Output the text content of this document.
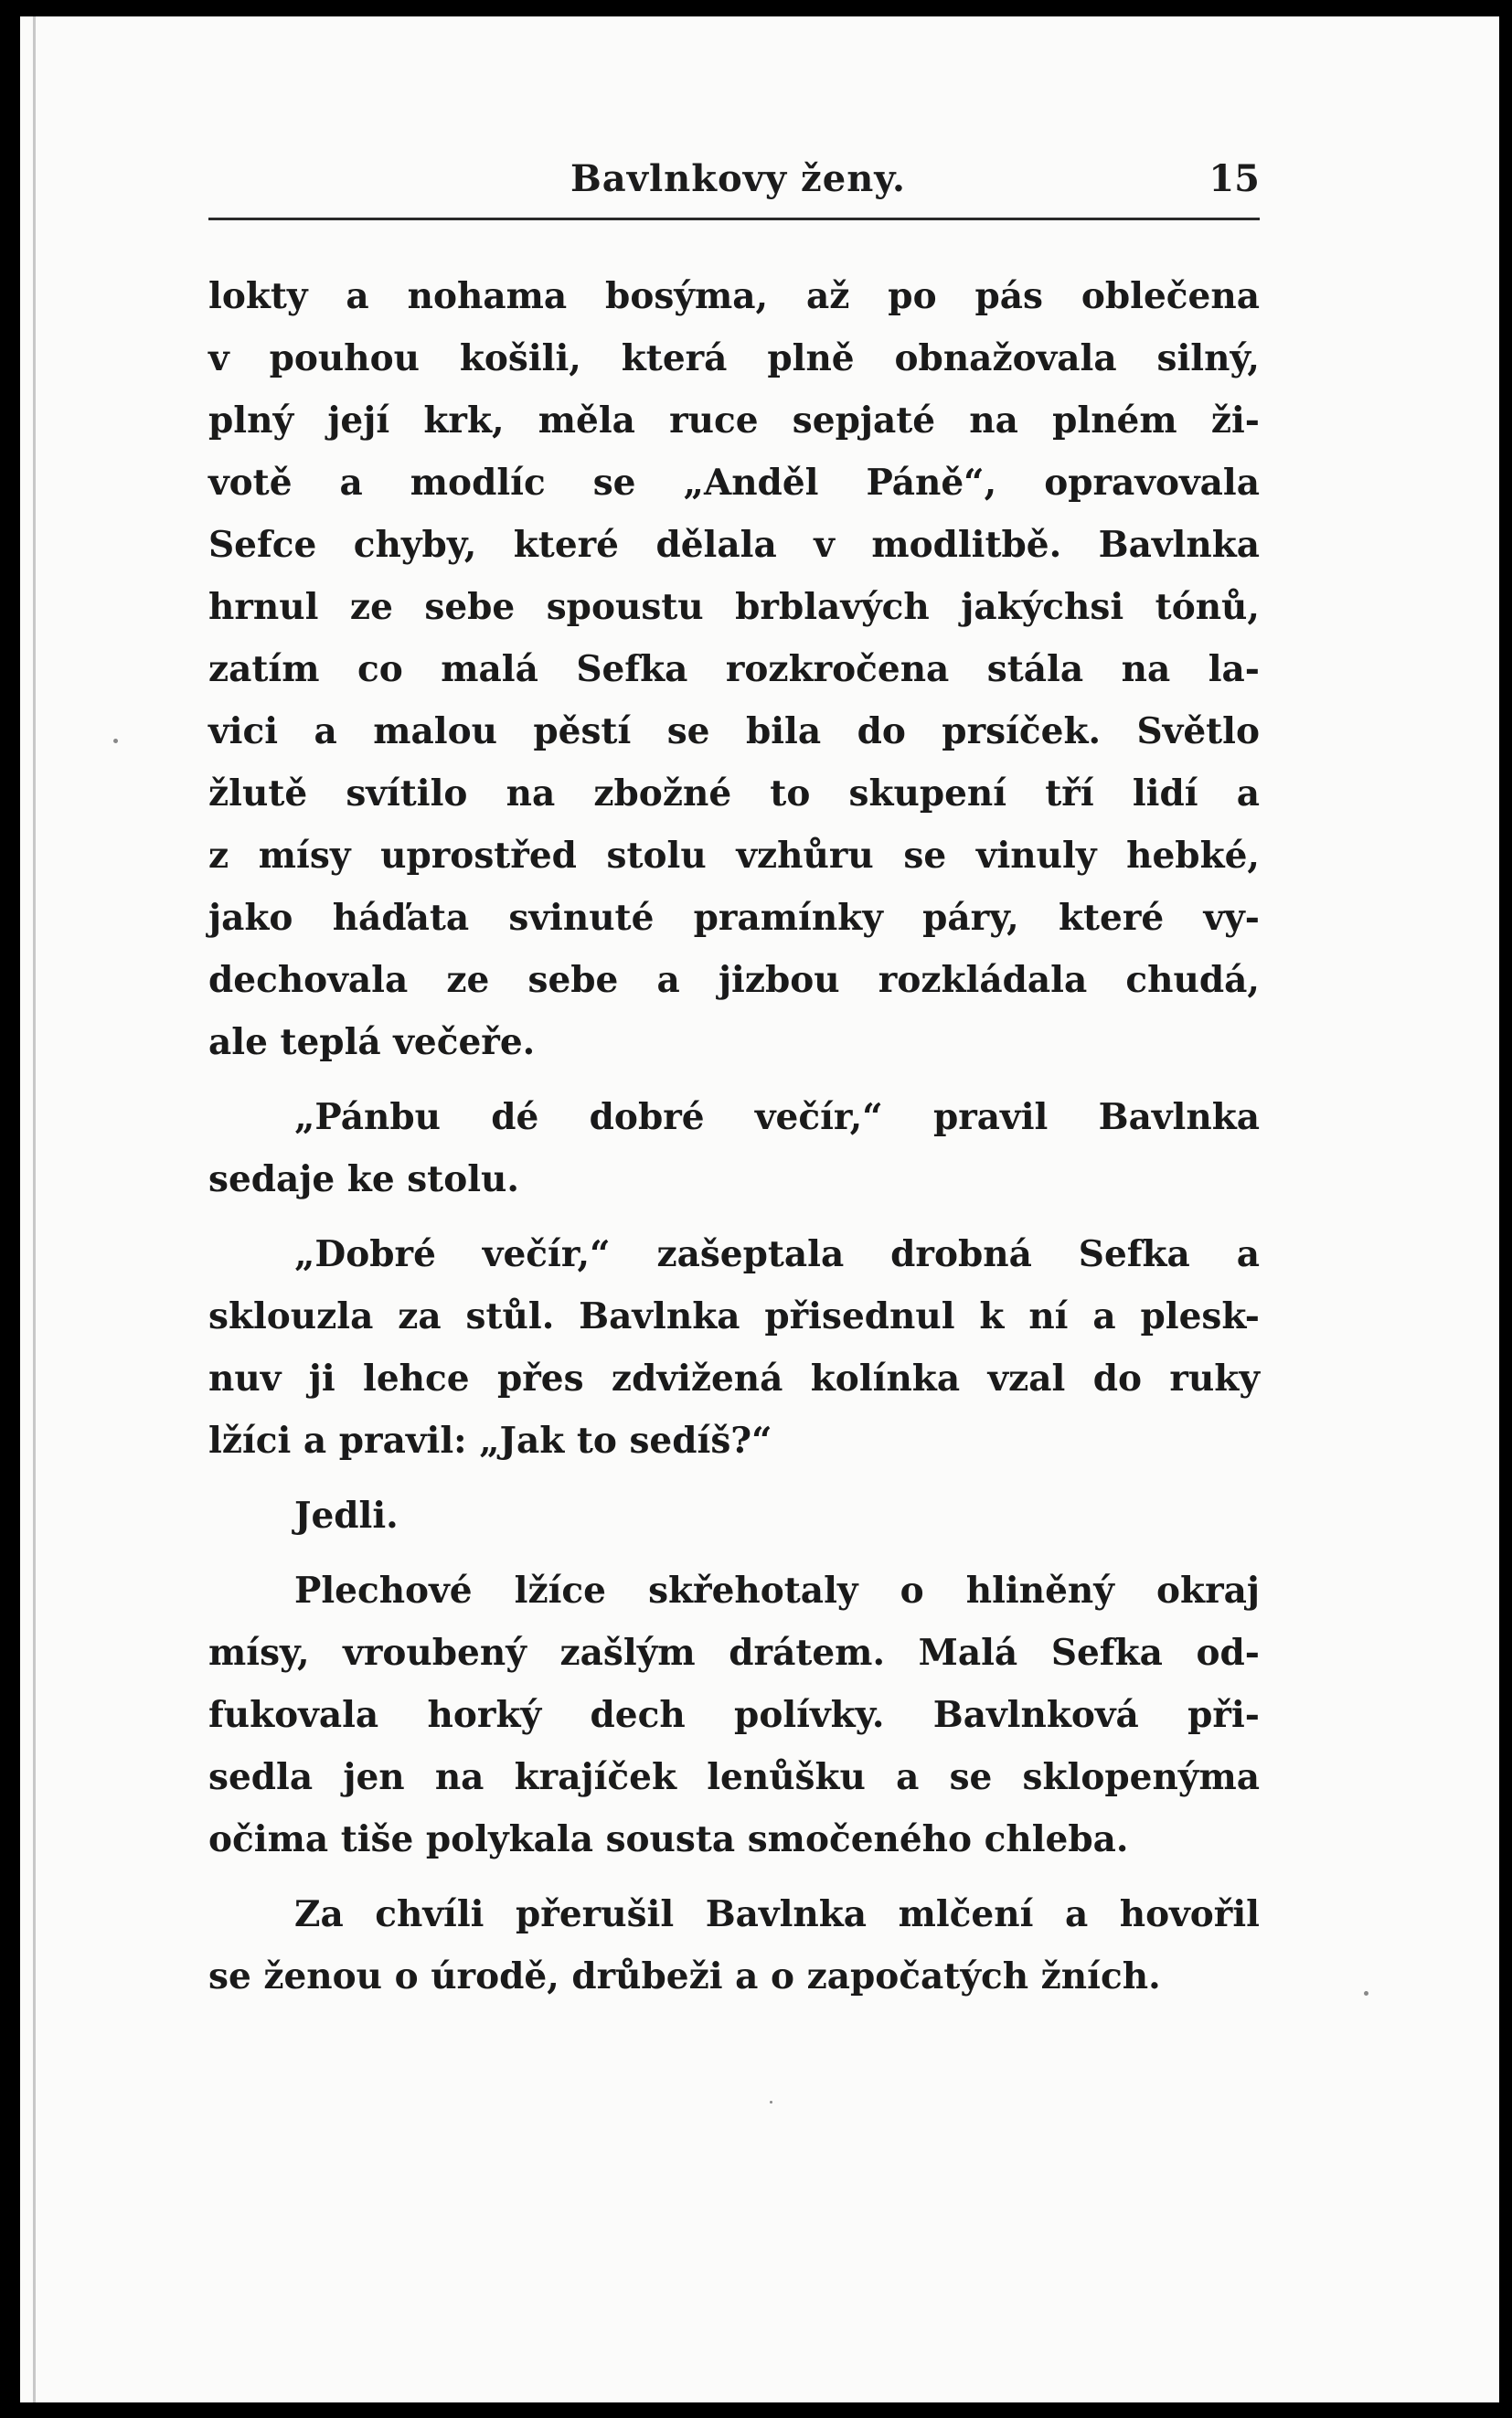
Bavlnkovy ženy.	15
lokty a nohama bosýma, až po pás oblečena
v pouhou košili, která plně obnažovala silný,
plný její krk, měla ruce sepjaté na plném ži-
votě a modlíc se „Anděl Páně“, opravovala
Sefce chyby, které dělala v modlitbě. Bavlnka
hrnul ze sebe spoustu brblavých jakýchsi tónů,
zatím co malá Sefka rozkročena stála na la-
vici a malou pěstí se bila do prsíček. Světlo
žlutě svítilo na zbožné to skupení tří lidí a
z mísy uprostřed stolu vzhůru se vinuly hebké,
jako háďata svinuté pramínky páry, které vy-
dechovala ze sebe a jizbou rozkládala chudá,
ale teplá večeře.
„Pánbu dé dobré večír,“ pravil Bavlnka
sedaje ke stolu.
„Dobré večír,“ zašeptala drobná Sefka a
sklouzla za stůl. Bavlnka přisednul k ní a plesk-
nuv ji lehce přes zdvižená kolínka vzal do ruky
lžíci a pravil: „Jak to sedíš?“
Jedli.
Plechové lžíce skřehotaly o hliněný okraj
mísy, vroubený zašlým drátem. Malá Sefka od-
fukovala horký dech polívky. Bavlnková při-
sedla jen na krajíček lenůšku a se sklopenýma
očima tiše polykala sousta smočeného chleba.
Za chvíli přerušil Bavlnka mlčení a hovořil
se ženou o úrodě, drůbeži a o započatých žních.
